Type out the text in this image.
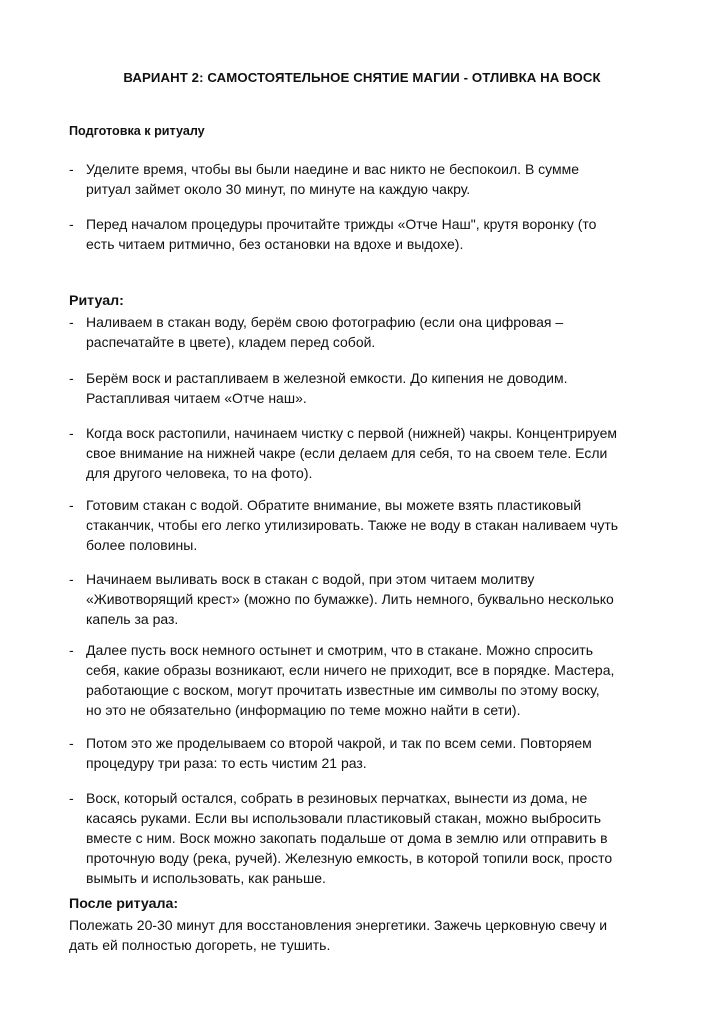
ВАРИАНТ 2: САМОСТОЯТЕЛЬНОЕ СНЯТИЕ МАГИИ - ОТЛИВКА НА ВОСК
Подготовка к ритуалу
- Уделите время, чтобы вы были наедине и вас никто не беспокоил. В сумме
ритуал займет около 30 минут, по минуте на каждую чакру.
- Перед началом процедуры прочитайте трижды «Отче Наш", крутя воронку (то
есть читаем ритмично, без остановки на вдохе и выдохе).
Ритуал:
- Наливаем в стакан воду, берём свою фотографию (если она цифровая –
распечатайте в цвете), кладем перед собой.
- Берём воск и растапливаем в железной емкости. До кипения не доводим.
Растапливая читаем «Отче наш».
- Когда воск растопили, начинаем чистку с первой (нижней) чакры. Концентрируем
свое внимание на нижней чакре (если делаем для себя, то на своем теле. Если
для другого человека, то на фото).
- Готовим стакан с водой. Обратите внимание, вы можете взять пластиковый
стаканчик, чтобы его легко утилизировать. Также не воду в стакан наливаем чуть
более половины.
- Начинаем выливать воск в стакан с водой, при этом читаем молитву
«Животворящий крест» (можно по бумажке). Лить немного, буквально несколько
капель за раз.
- Далее пусть воск немного остынет и смотрим, что в стакане. Можно спросить
себя, какие образы возникают, если ничего не приходит, все в порядке. Мастера,
работающие с воском, могут прочитать известные им символы по этому воску,
но это не обязательно (информацию по теме можно найти в сети).
- Потом это же проделываем со второй чакрой, и так по всем семи. Повторяем
процедуру три раза: то есть чистим 21 раз.
- Воск, который остался, собрать в резиновых перчатках, вынести из дома, не
касаясь руками. Если вы использовали пластиковый стакан, можно выбросить
вместе с ним. Воск можно закопать подальше от дома в землю или отправить в
проточную воду (река, ручей). Железную емкость, в которой топили воск, просто
вымыть и использовать, как раньше.
После ритуала:
Полежать 20-30 минут для восстановления энергетики. Зажечь церковную свечу и
дать ей полностью догореть, не тушить.
